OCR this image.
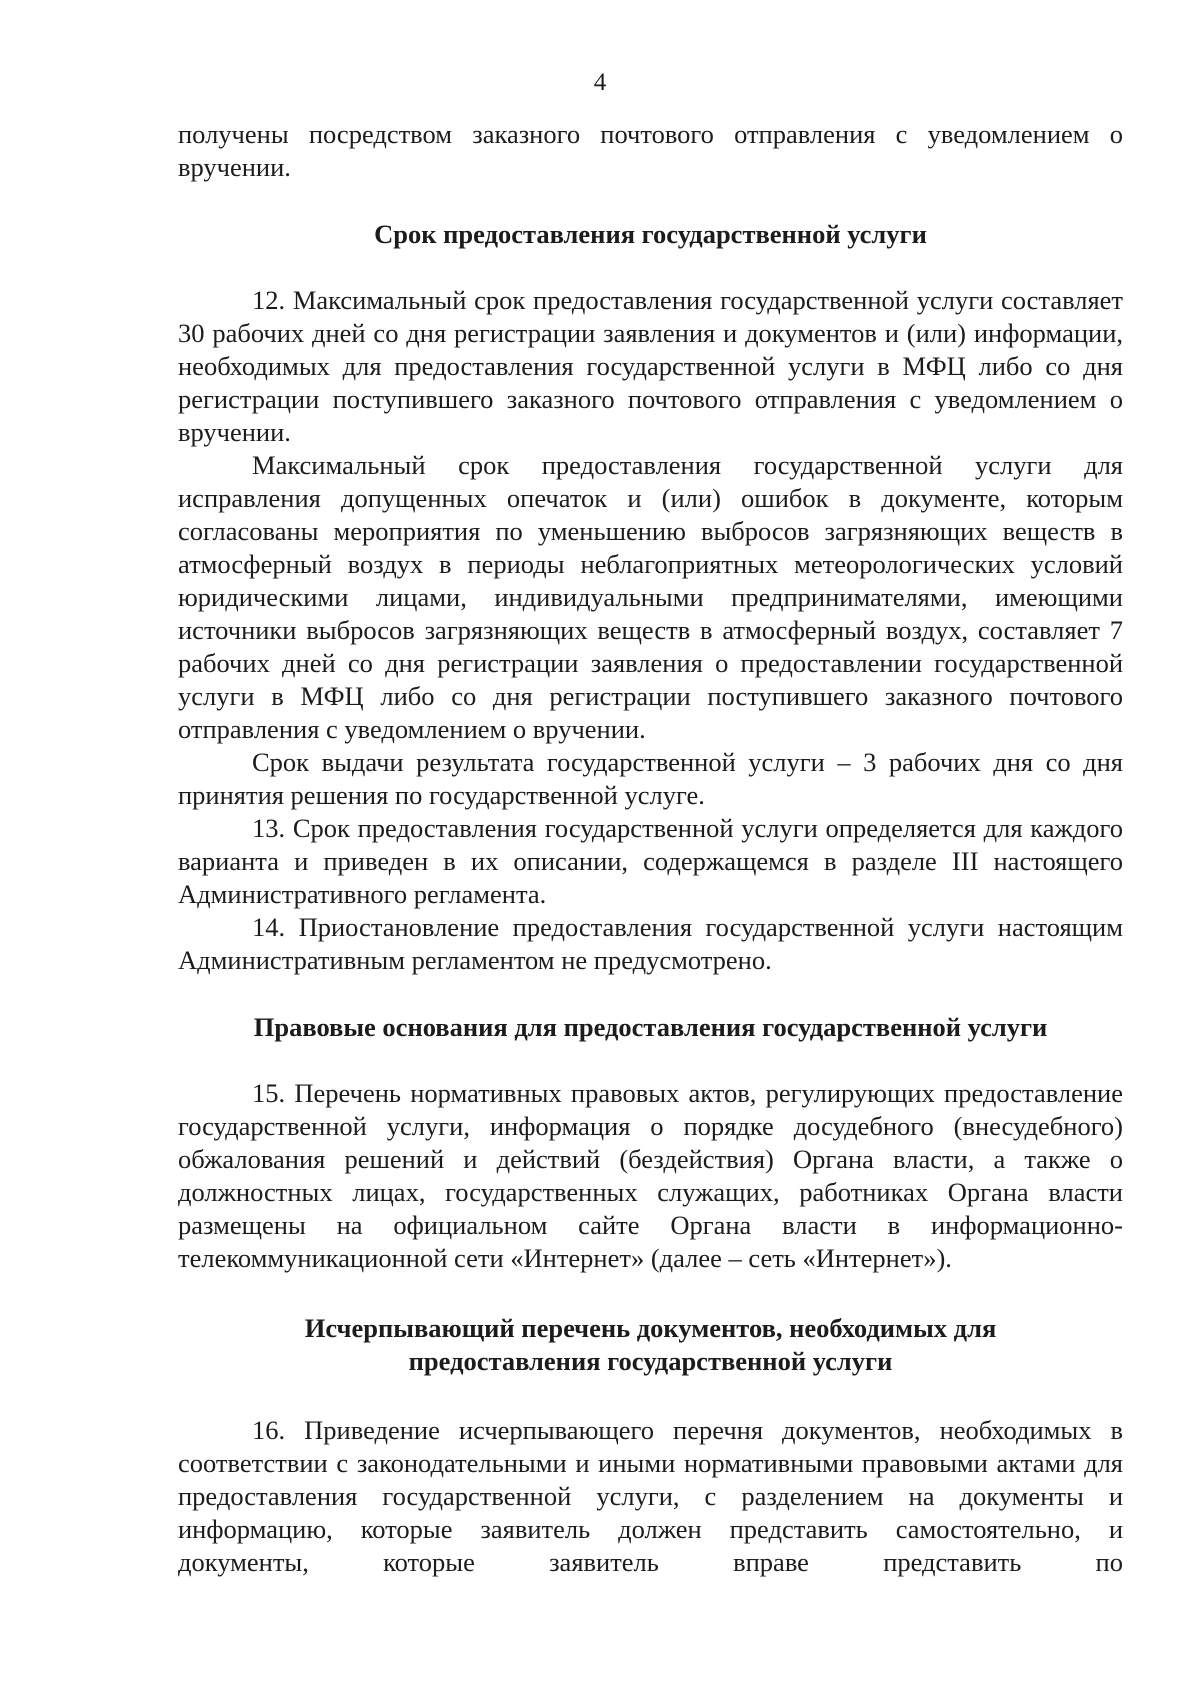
4

получены посредством заказного почтового отправления с уведомлением о вручении.

Срок предоставления государственной услуги

12. Максимальный срок предоставления государственной услуги составляет 30 рабочих дней со дня регистрации заявления и документов и (или) информации, необходимых для предоставления государственной услуги в МФЦ либо со дня регистрации поступившего заказного почтового отправления с уведомлением о вручении.

Максимальный срок предоставления государственной услуги для исправления допущенных опечаток и (или) ошибок в документе, которым согласованы мероприятия по уменьшению выбросов загрязняющих веществ в атмосферный воздух в периоды неблагоприятных метеорологических условий юридическими лицами, индивидуальными предпринимателями, имеющими источники выбросов загрязняющих веществ в атмосферный воздух, составляет 7 рабочих дней со дня регистрации заявления о предоставлении государственной услуги в МФЦ либо со дня регистрации поступившего заказного почтового отправления с уведомлением о вручении.

Срок выдачи результата государственной услуги – 3 рабочих дня со дня принятия решения по государственной услуге.

13. Срок предоставления государственной услуги определяется для каждого варианта и приведен в их описании, содержащемся в разделе III настоящего Административного регламента.

14. Приостановление предоставления государственной услуги настоящим Административным регламентом не предусмотрено.

Правовые основания для предоставления государственной услуги

15. Перечень нормативных правовых актов, регулирующих предоставление государственной услуги, информация о порядке досудебного (внесудебного) обжалования решений и действий (бездействия) Органа власти, а также о должностных лицах, государственных служащих, работниках Органа власти размещены на официальном сайте Органа власти в информационно-телекоммуникационной сети «Интернет» (далее – сеть «Интернет»).

Исчерпывающий перечень документов, необходимых для
предоставления государственной услуги

16. Приведение исчерпывающего перечня документов, необходимых в соответствии с законодательными и иными нормативными правовыми актами для предоставления государственной услуги, с разделением на документы и информацию, которые заявитель должен представить самостоятельно, и документы, которые заявитель вправе представить по
